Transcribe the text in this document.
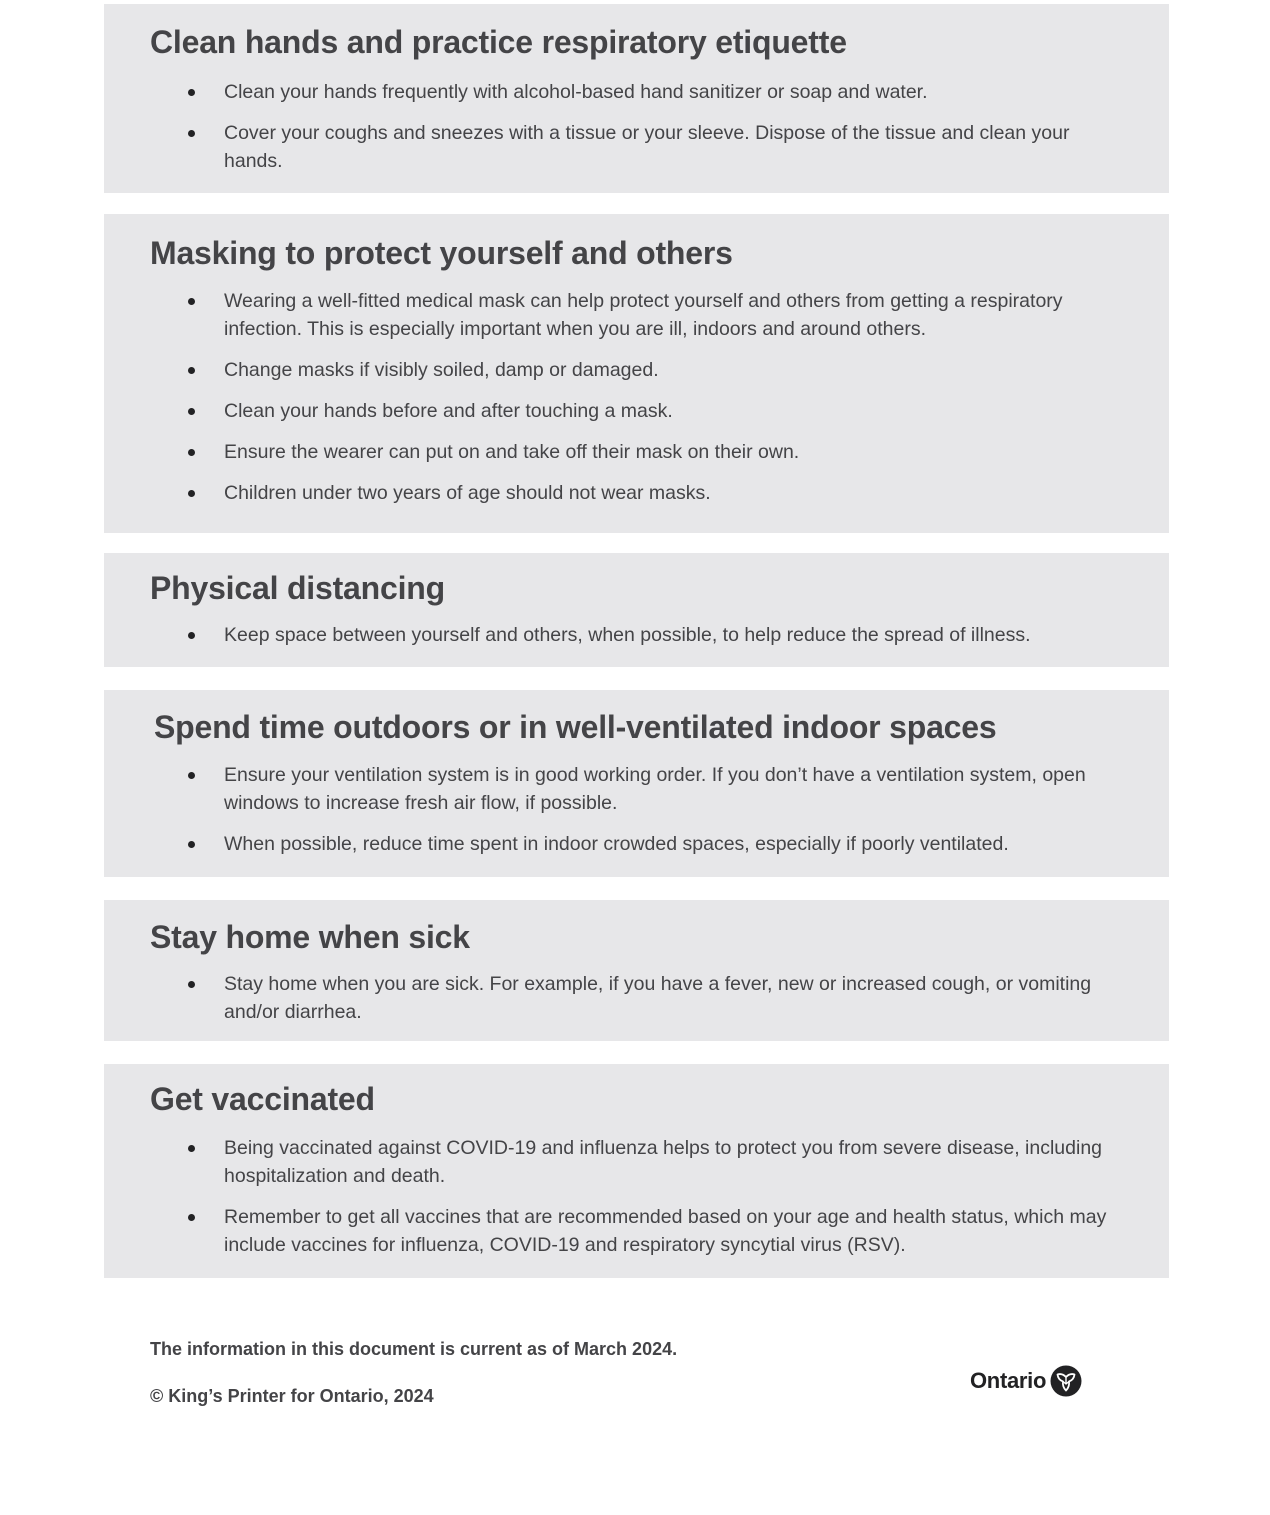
Clean hands and practice respiratory etiquette
Clean your hands frequently with alcohol-based hand sanitizer or soap and water.
Cover your coughs and sneezes with a tissue or your sleeve. Dispose of the tissue and clean your hands.
Masking to protect yourself and others
Wearing a well-fitted medical mask can help protect yourself and others from getting a respiratory infection. This is especially important when you are ill, indoors and around others.
Change masks if visibly soiled, damp or damaged.
Clean your hands before and after touching a mask.
Ensure the wearer can put on and take off their mask on their own.
Children under two years of age should not wear masks.
Physical distancing
Keep space between yourself and others, when possible, to help reduce the spread of illness.
Spend time outdoors or in well-ventilated indoor spaces
Ensure your ventilation system is in good working order. If you don’t have a ventilation system, open windows to increase fresh air flow, if possible.
When possible, reduce time spent in indoor crowded spaces, especially if poorly ventilated.
Stay home when sick
Stay home when you are sick. For example, if you have a fever, new or increased cough, or vomiting and/or diarrhea.
Get vaccinated
Being vaccinated against COVID-19 and influenza helps to protect you from severe disease, including hospitalization and death.
Remember to get all vaccines that are recommended based on your age and health status, which may include vaccines for influenza, COVID-19 and respiratory syncytial virus (RSV).

The information in this document is current as of March 2024.

© King’s Printer for Ontario, 2024

Ontario
